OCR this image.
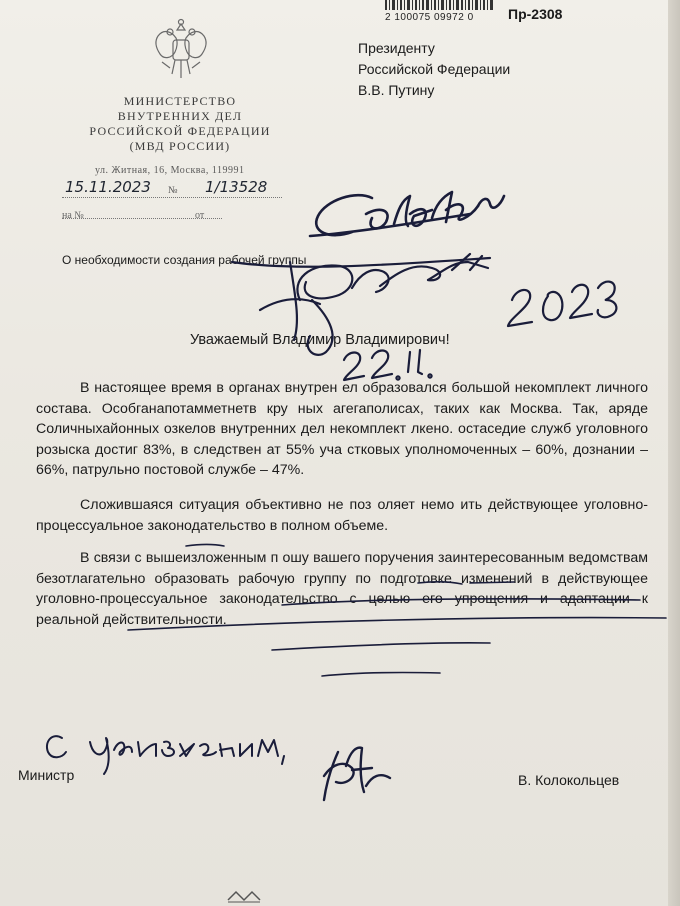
МИНИСТЕРСТВО
ВНУТРЕННИХ ДЕЛ
РОССИЙСКОЙ ФЕДЕРАЦИИ
(МВД РОССИИ)
ул. Житная, 16, Москва, 119991
15.11.2023 № 1/13528
на №	от
2 100075 09972 0 Пр-2308
Президенту
Российской Федерации
В.В. Путину
О необходимости создания рабочей группы
Уважаемый Владимир Владимирович!
В настоящее время в органах внутрен ел образовался большой некомплект личного состава. Особганапотамметнетв кру ных агегаполисах, таких как Москва. Так, аряде Соличныхайонных озкелов внутренних дел некомплект лкено. остаседие служб уголовного розыска достиг 83%, в следствен ат 55% уча стковых уполномоченных – 60%, дознании – 66%, патрульно постовой службе – 47%.
Сложившаяся ситуация объективно не поз оляет немо ить действующее уголовно-процессуальное законодательство в полном объеме.
В связи с вышеизложенным п ошу вашего поручения заинтересованным ведомствам безотлагательно образовать рабочую группу по подготовке изменений в действующее уголовно-процессуальное законодательство с целью его упрощения и адаптации к реальной действительности.
Министр	В. Колокольцев
